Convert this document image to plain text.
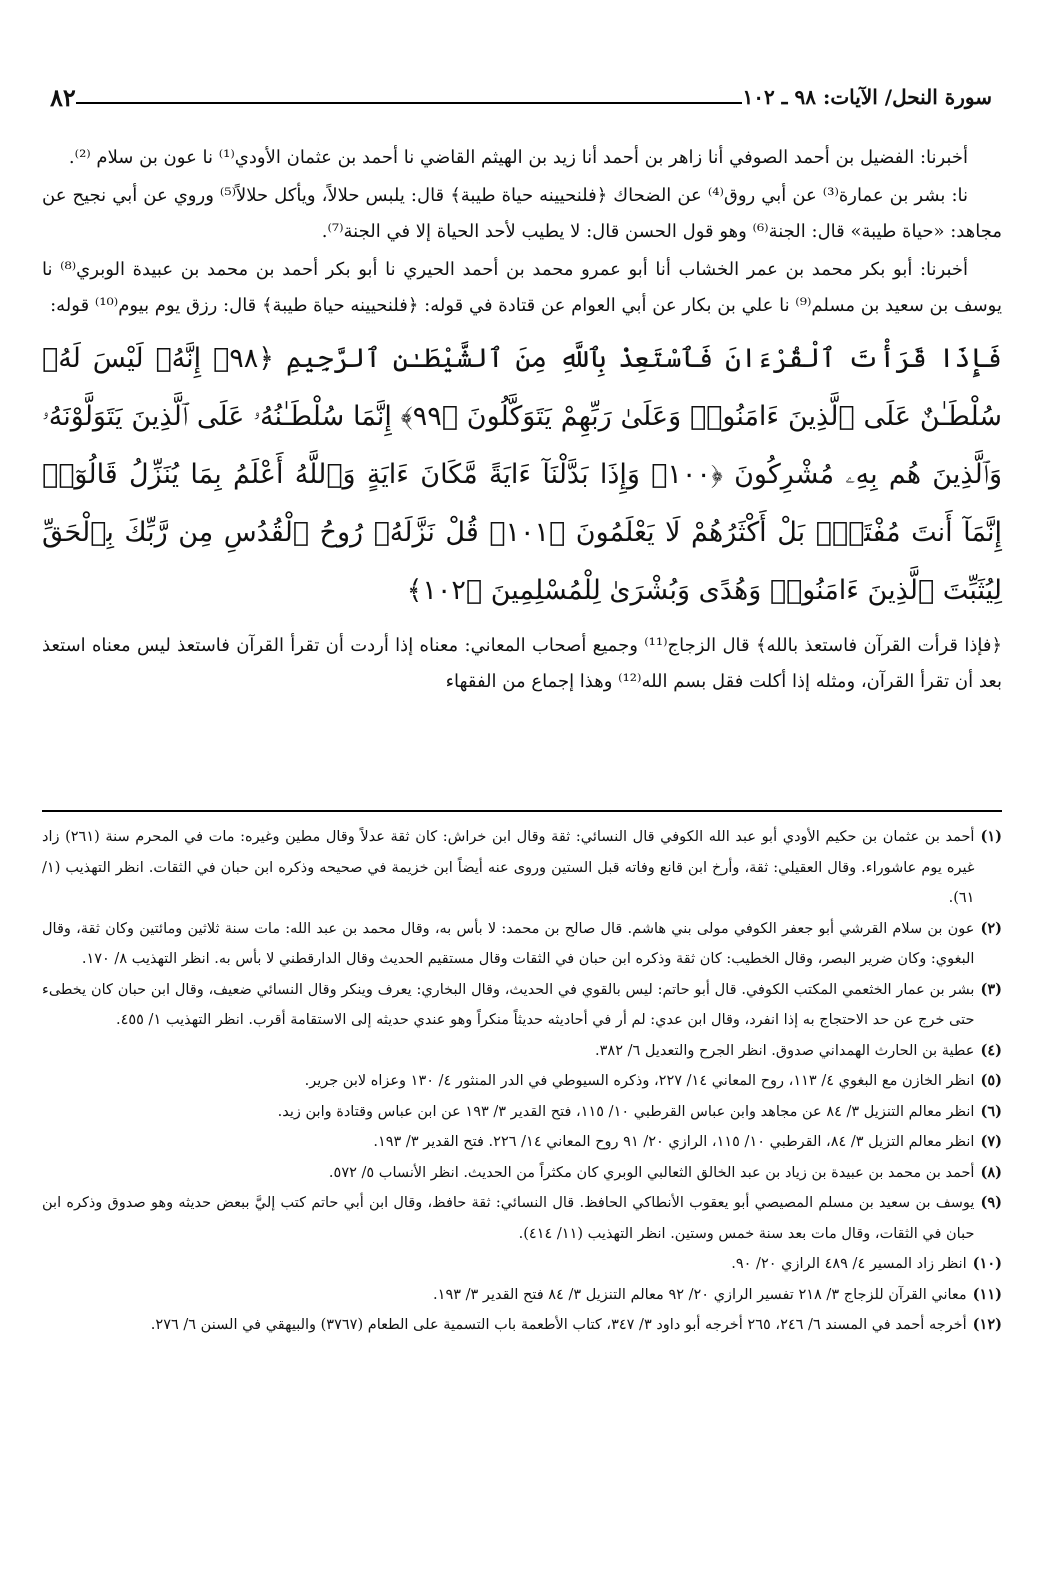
سورة النحل/ الآيات: ٩٨ ـ ١٠٢
٨٢

أخبرنا: الفضيل بن أحمد الصوفي أنا زاهر بن أحمد أنا زيد بن الهيثم القاضي نا أحمد بن عثمان الأودي⁽¹⁾ نا عون بن سلام ⁽²⁾.

نا: بشر بن عمارة⁽³⁾ عن أبي روق⁽⁴⁾ عن الضحاك ﴿فلنحيينه حياة طيبة﴾ قال: يلبس حلالاً، ويأكل حلالاً⁽⁵⁾ وروي عن أبي نجيح عن مجاهد: «حياة طيبة» قال: الجنة⁽⁶⁾ وهو قول الحسن قال: لا يطيب لأحد الحياة إلا في الجنة⁽⁷⁾.

أخبرنا: أبو بكر محمد بن عمر الخشاب أنا أبو عمرو محمد بن أحمد الحيري نا أبو بكر أحمد بن محمد بن عبيدة الوبري⁽⁸⁾ نا يوسف بن سعيد بن مسلم⁽⁹⁾ نا علي بن بكار عن أبي العوام عن قتادة في قوله: ﴿فلنحيينه حياة طيبة﴾ قال: رزق يوم بيوم⁽¹⁰⁾ قوله:

فَإِذَا قَرَأْتَ ٱلْقُرْءَانَ فَٱسْتَعِذْ بِٱللَّهِ مِنَ ٱلشَّيْطَـٰنِ ٱلرَّجِيمِ ﴿٩٨﴾ إِنَّهُۥ لَيْسَ لَهُۥ سُلْطَـٰنٌ عَلَى ٱلَّذِينَ ءَامَنُوا۟ وَعَلَىٰ رَبِّهِمْ يَتَوَكَّلُونَ ﴿٩٩﴾ إِنَّمَا سُلْطَـٰنُهُۥ عَلَى ٱلَّذِينَ يَتَوَلَّوْنَهُۥ وَٱلَّذِينَ هُم بِهِۦ مُشْرِكُونَ ﴿١٠٠﴾ وَإِذَا بَدَّلْنَآ ءَايَةً مَّكَانَ ءَايَةٍ وَٱللَّهُ أَعْلَمُ بِمَا يُنَزِّلُ قَالُوٓا۟ إِنَّمَآ أَنتَ مُفْتَرٍۭ بَلْ أَكْثَرُهُمْ لَا يَعْلَمُونَ ﴿١٠١﴾ قُلْ نَزَّلَهُۥ رُوحُ ٱلْقُدُسِ مِن رَّبِّكَ بِٱلْحَقِّ لِيُثَبِّتَ ٱلَّذِينَ ءَامَنُوا۟ وَهُدًى وَبُشْرَىٰ لِلْمُسْلِمِينَ ﴿١٠٢﴾

﴿فإذا قرأت القرآن فاستعذ بالله﴾ قال الزجاج⁽¹¹⁾ وجميع أصحاب المعاني: معناه إذا أردت أن تقرأ القرآن فاستعذ ليس معناه استعذ بعد أن تقرأ القرآن، ومثله إذا أكلت فقل بسم الله⁽¹²⁾ وهذا إجماع من الفقهاء

(١)
أحمد بن عثمان بن حكيم الأودي أبو عبد الله الكوفي قال النسائي: ثقة وقال ابن خراش: كان ثقة عدلاً وقال مطين وغيره: مات في المحرم سنة (٢٦١) زاد غيره يوم عاشوراء. وقال العقيلي: ثقة، وأرخ ابن قانع وفاته قبل الستين وروى عنه أيضاً ابن خزيمة في صحيحه وذكره ابن حبان في الثقات. انظر التهذيب (١/ ٦١).
(٢)
عون بن سلام القرشي أبو جعفر الكوفي مولى بني هاشم. قال صالح بن محمد: لا بأس به، وقال محمد بن عبد الله: مات سنة ثلاثين ومائتين وكان ثقة، وقال البغوي: وكان ضرير البصر، وقال الخطيب: كان ثقة وذكره ابن حبان في الثقات وقال مستقيم الحديث وقال الدارقطني لا بأس به. انظر التهذيب ٨/ ١٧٠.
(٣)
بشر بن عمار الخثعمي المكتب الكوفي. قال أبو حاتم: ليس بالقوي في الحديث، وقال البخاري: يعرف وينكر وقال النسائي ضعيف، وقال ابن حبان كان يخطىء حتى خرج عن حد الاحتجاج به إذا انفرد، وقال ابن عدي: لم أر في أحاديثه حديثاً منكراً وهو عندي حديثه إلى الاستقامة أقرب. انظر التهذيب ١/ ٤٥٥.
(٤)
عطية بن الحارث الهمداني صدوق. انظر الجرح والتعديل ٦/ ٣٨٢.
(٥)
انظر الخازن مع البغوي ٤/ ١١٣، روح المعاني ١٤/ ٢٢٧، وذكره السيوطي في الدر المنثور ٤/ ١٣٠ وعزاه لابن جرير.
(٦)
انظر معالم التنزيل ٣/ ٨٤ عن مجاهد وابن عباس القرطبي ١٠/ ١١٥، فتح القدير ٣/ ١٩٣ عن ابن عباس وقتادة وابن زيد.
(٧)
انظر معالم التزيل ٣/ ٨٤، القرطبي ١٠/ ١١٥، الرازي ٢٠/ ٩١ روح المعاني ١٤/ ٢٢٦. فتح القدير ٣/ ١٩٣.
(٨)
أحمد بن محمد بن عبيدة بن زياد بن عبد الخالق الثعالبي الوبري كان مكثراً من الحديث. انظر الأنساب ٥/ ٥٧٢.
(٩)
يوسف بن سعيد بن مسلم المصيصي أبو يعقوب الأنطاكي الحافظ. قال النسائي: ثقة حافظ، وقال ابن أبي حاتم كتب إليَّ ببعض حديثه وهو صدوق وذكره ابن حبان في الثقات، وقال مات بعد سنة خمس وستين. انظر التهذيب (١١/ ٤١٤).
(١٠)
انظر زاد المسير ٤/ ٤٨٩ الرازي ٢٠/ ٩٠.
(١١)
معاني القرآن للزجاج ٣/ ٢١٨ تفسير الرازي ٢٠/ ٩٢ معالم التنزيل ٣/ ٨٤ فتح القدير ٣/ ١٩٣.
(١٢)
أخرجه أحمد في المسند ٦/ ٢٤٦، ٢٦٥ أخرجه أبو داود ٣/ ٣٤٧، كتاب الأطعمة باب التسمية على الطعام (٣٧٦٧) والبيهقي في السنن ٦/ ٢٧٦.
